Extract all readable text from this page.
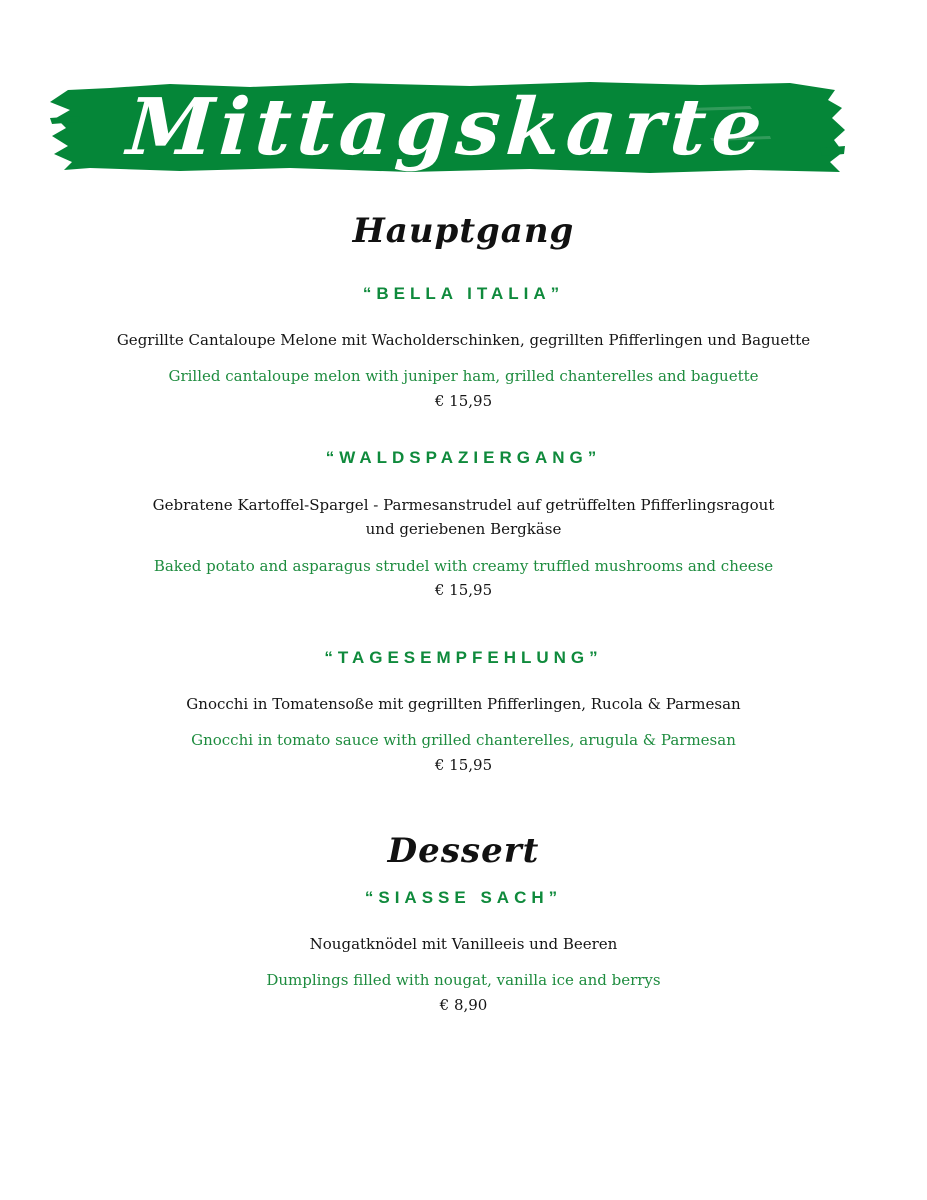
Mittagskarte
Hauptgang
“BELLA ITALIA”
Gegrillte Cantaloupe Melone mit Wacholderschinken, gegrillten Pfifferlingen und Baguette
Grilled cantaloupe melon with juniper ham, grilled chanterelles and baguette
€ 15,95
“WALDSPAZIERGANG”
Gebratene Kartoffel-Spargel - Parmesanstrudel auf getrüffelten Pfifferlingsragout
und geriebenen Bergkäse
Baked potato and asparagus strudel with creamy truffled mushrooms and cheese
€ 15,95
“TAGESEMPFEHLUNG”
Gnocchi in Tomatensoße mit gegrillten Pfifferlingen, Rucola & Parmesan
Gnocchi in tomato sauce with grilled chanterelles, arugula & Parmesan
€ 15,95
Dessert
“SIASSE SACH”
Nougatknödel mit Vanilleeis und Beeren
Dumplings filled with nougat, vanilla ice and berrys
€ 8,90
